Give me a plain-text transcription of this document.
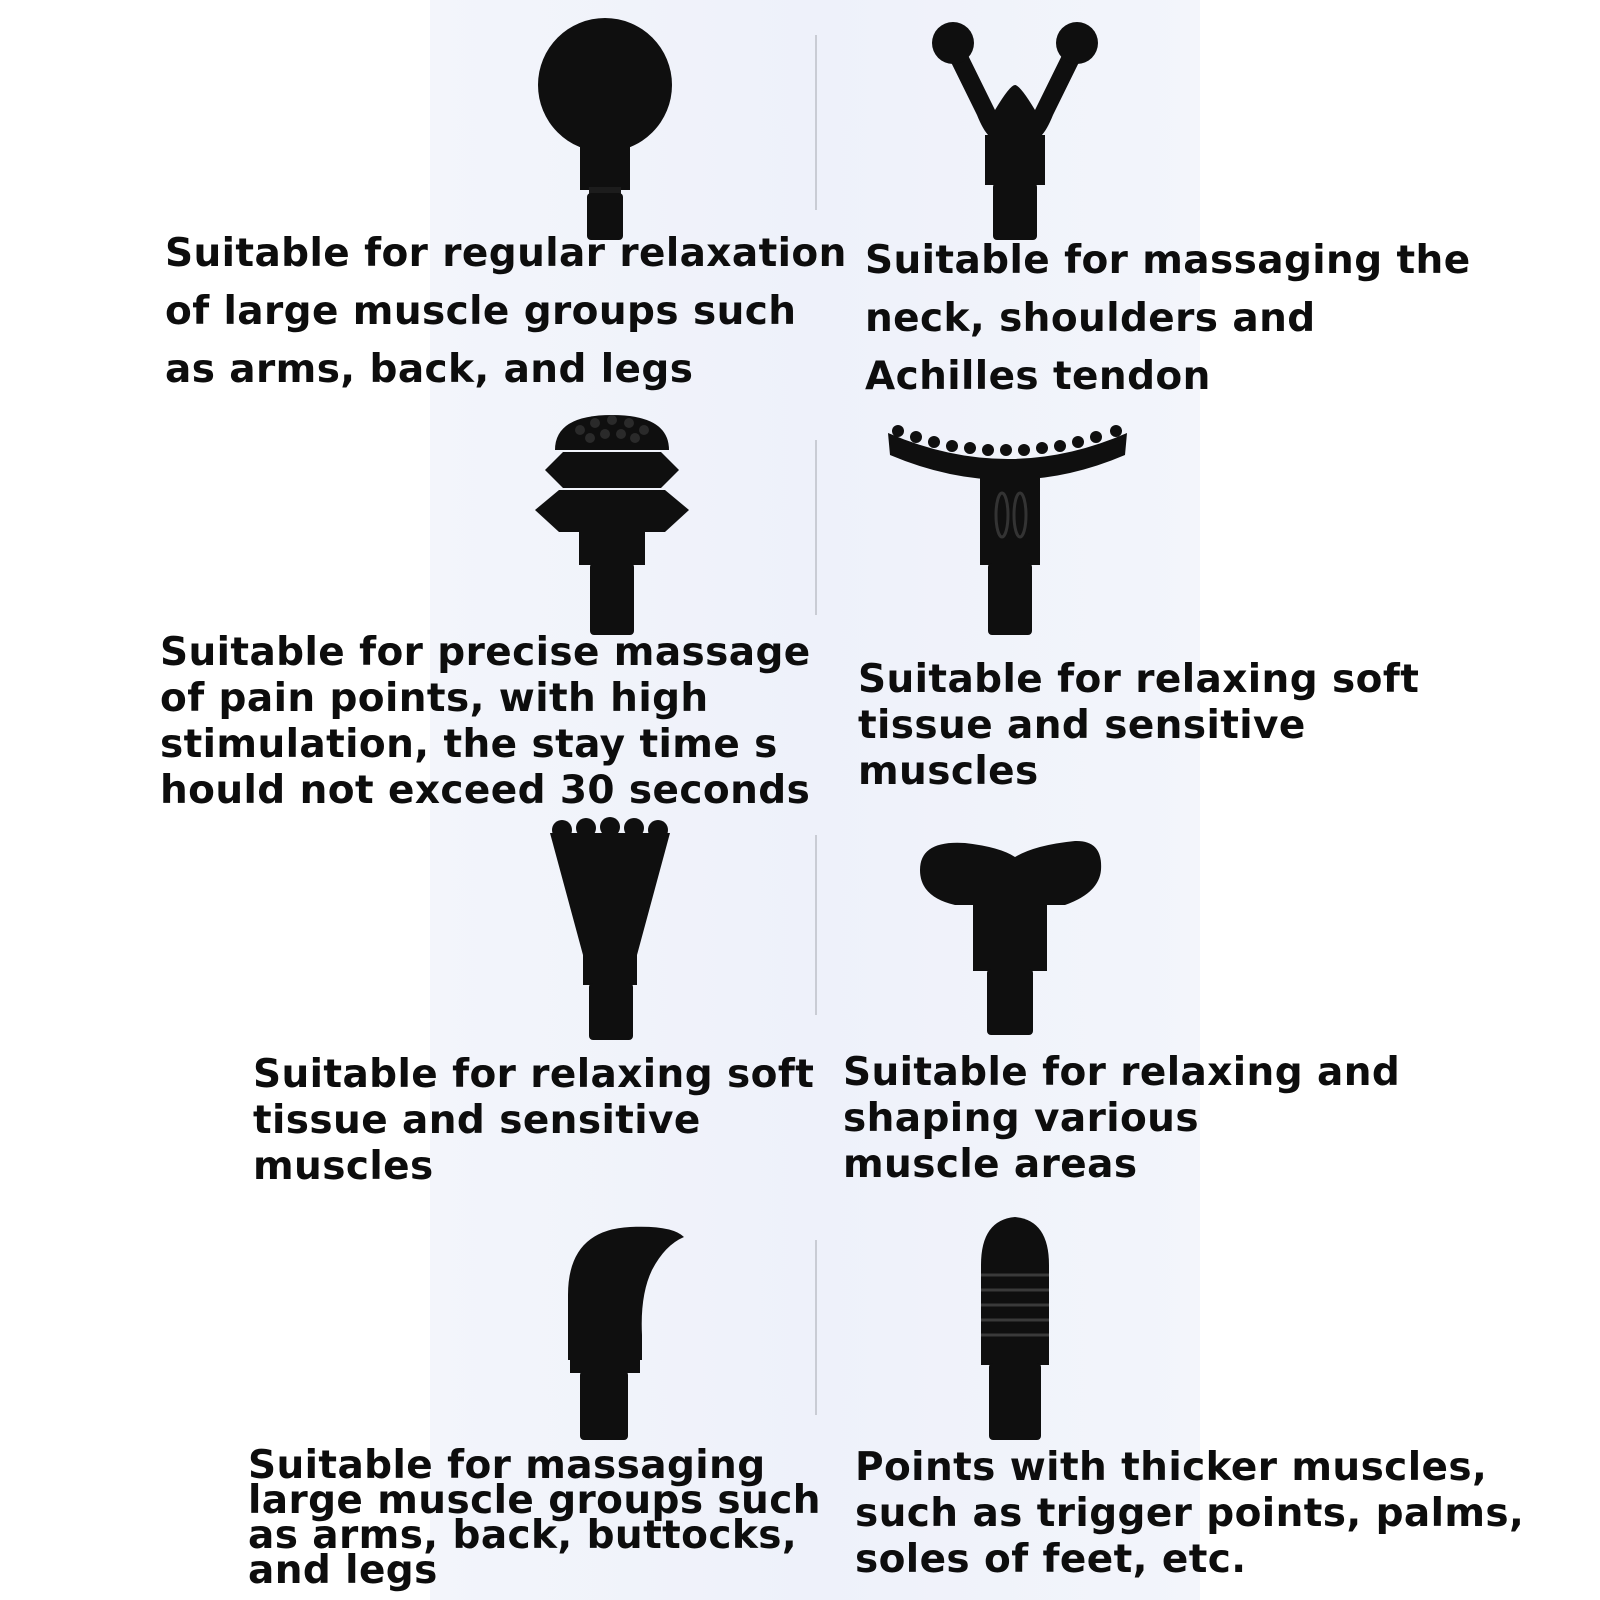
Suitable for regular relaxation
of large muscle groups such
as arms, back, and legs

Suitable for massaging the
neck, shoulders and
Achilles tendon

Suitable for precise massage
of pain points, with high
stimulation, the stay time s
hould not exceed 30 seconds

Suitable for relaxing soft
tissue and sensitive
muscles

Suitable for relaxing soft
tissue and sensitive
muscles

Suitable for relaxing and
shaping various
muscle areas

Suitable for massaging
large muscle groups such
as arms, back, buttocks,
and legs

Points with thicker muscles,
such as trigger points, palms,
soles of feet, etc.
